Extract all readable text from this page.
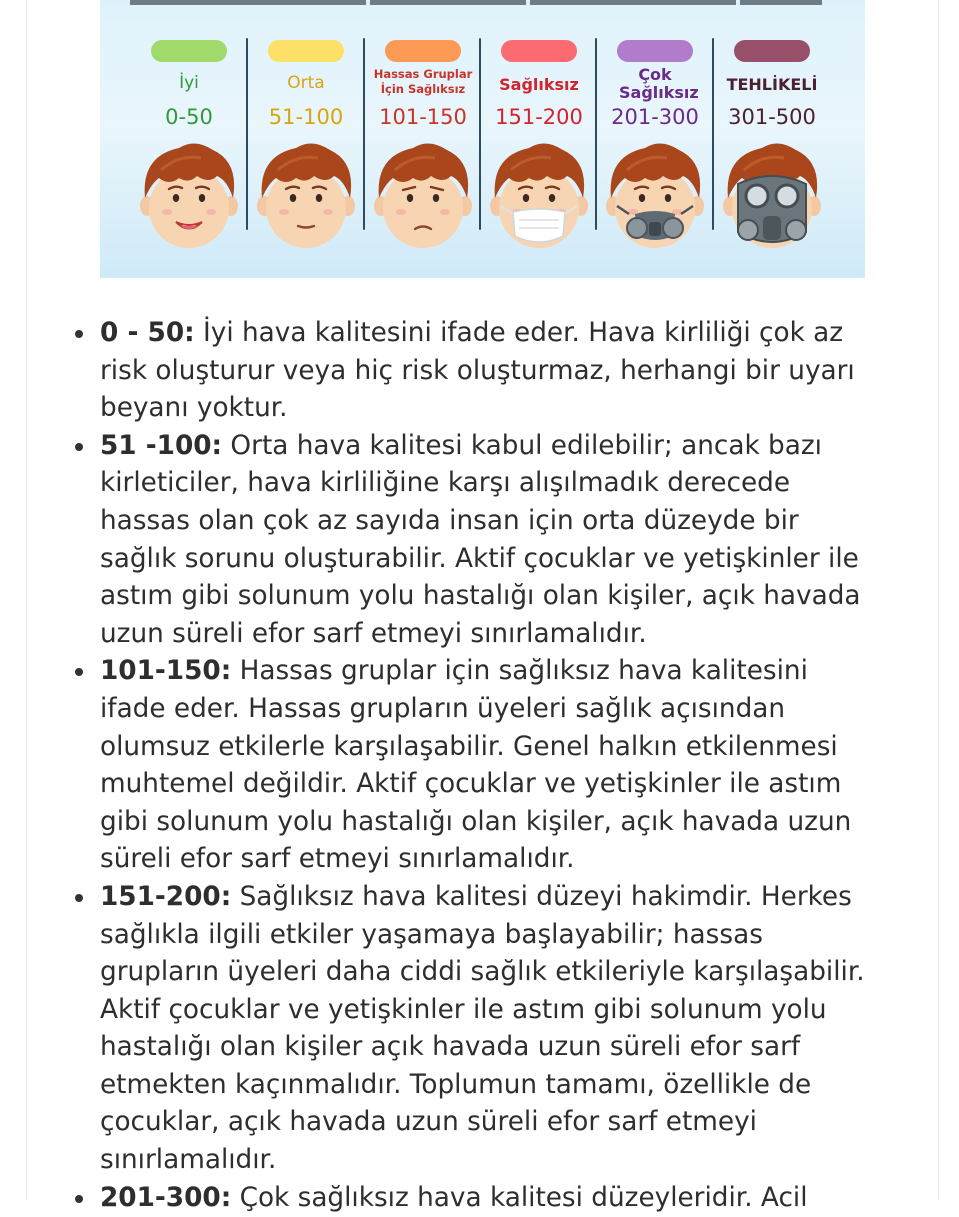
İyi
0-50
Orta
51-100
Hassas Gruplar İçin Sağlıksız
101-150
Sağlıksız
151-200
Çok Sağlıksız
201-300
TEHLİKELİ
301-500
0 - 50: İyi hava kalitesini ifade eder. Hava kirliliği çok az risk oluşturur veya hiç risk oluşturmaz, herhangi bir uyarı beyanı yoktur.
51 -100: Orta hava kalitesi kabul edilebilir; ancak bazı kirleticiler, hava kirliliğine karşı alışılmadık derecede hassas olan çok az sayıda insan için orta düzeyde bir sağlık sorunu oluşturabilir. Aktif çocuklar ve yetişkinler ile astım gibi solunum yolu hastalığı olan kişiler, açık havada uzun süreli efor sarf etmeyi sınırlamalıdır.
101-150: Hassas gruplar için sağlıksız hava kalitesini ifade eder. Hassas grupların üyeleri sağlık açısından olumsuz etkilerle karşılaşabilir. Genel halkın etkilenmesi muhtemel değildir. Aktif çocuklar ve yetişkinler ile astım gibi solunum yolu hastalığı olan kişiler, açık havada uzun süreli efor sarf etmeyi sınırlamalıdır.
151-200: Sağlıksız hava kalitesi düzeyi hakimdir. Herkes sağlıkla ilgili etkiler yaşamaya başlayabilir; hassas grupların üyeleri daha ciddi sağlık etkileriyle karşılaşabilir. Aktif çocuklar ve yetişkinler ile astım gibi solunum yolu hastalığı olan kişiler açık havada uzun süreli efor sarf etmekten kaçınmalıdır. Toplumun tamamı, özellikle de çocuklar, açık havada uzun süreli efor sarf etmeyi sınırlamalıdır.
201-300: Çok sağlıksız hava kalitesi düzeyleridir. Acil
